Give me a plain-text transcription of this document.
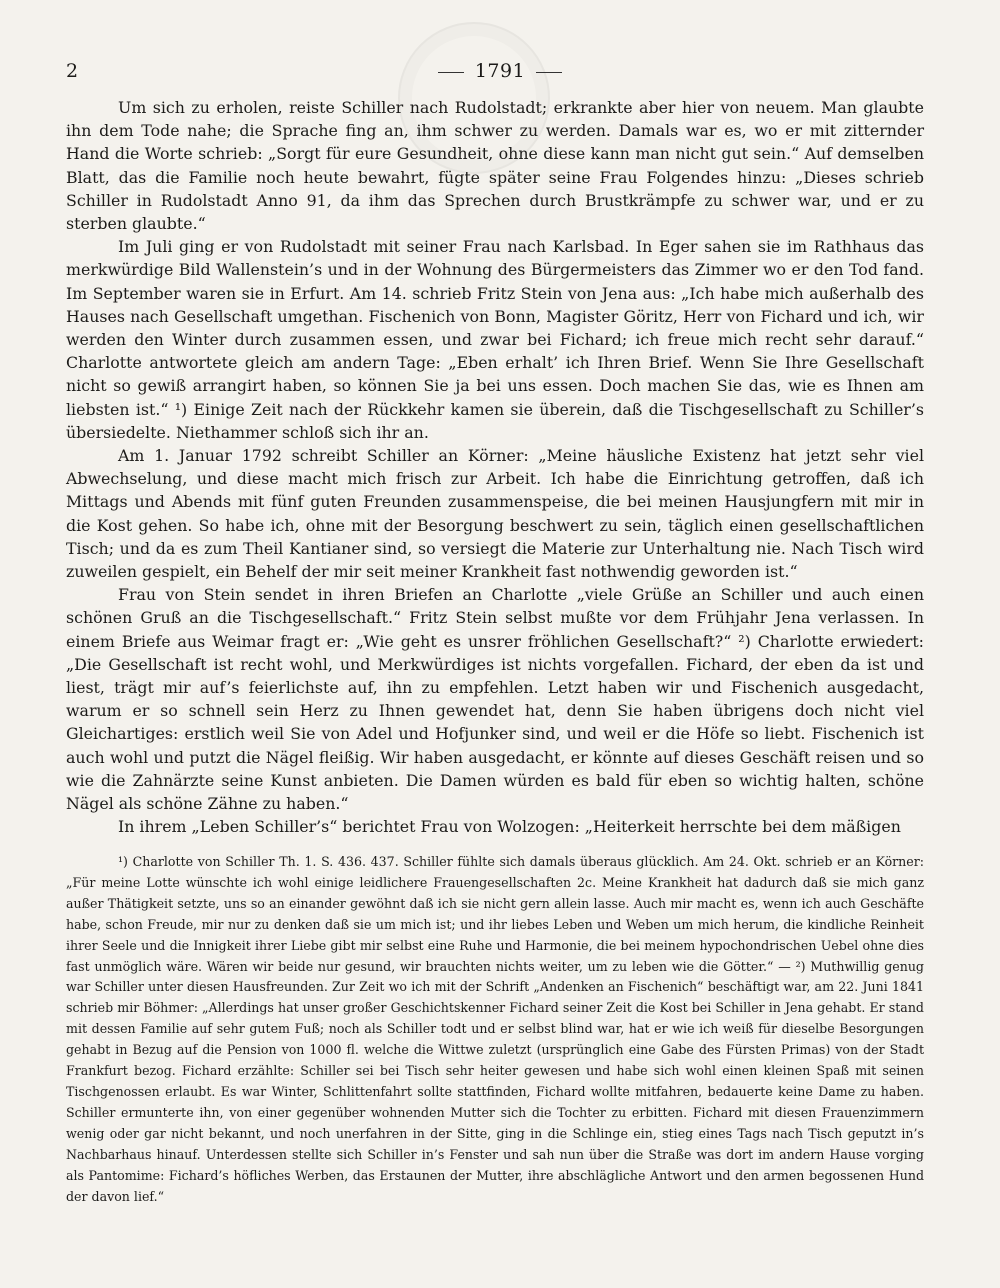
2	1791

Um sich zu erholen, reiste Schiller nach Rudolstadt; erkrankte aber hier von neuem. Man glaubte ihn dem Tode nahe; die Sprache fing an, ihm schwer zu werden. Damals war es, wo er mit zitternder Hand die Worte schrieb: „Sorgt für eure Gesundheit, ohne diese kann man nicht gut sein.“ Auf demselben Blatt, das die Familie noch heute bewahrt, fügte später seine Frau Folgendes hinzu: „Dieses schrieb Schiller in Rudolstadt Anno 91, da ihm das Sprechen durch Brustkrämpfe zu schwer war, und er zu sterben glaubte.“

Im Juli ging er von Rudolstadt mit seiner Frau nach Karlsbad. In Eger sahen sie im Rathhaus das merkwürdige Bild Wallenstein’s und in der Wohnung des Bürgermeisters das Zimmer wo er den Tod fand. Im September waren sie in Erfurt. Am 14. schrieb Fritz Stein von Jena aus: „Ich habe mich außerhalb des Hauses nach Gesellschaft umgethan. Fischenich von Bonn, Magister Göritz, Herr von Fichard und ich, wir werden den Winter durch zusammen essen, und zwar bei Fichard; ich freue mich recht sehr darauf.“ Charlotte antwortete gleich am andern Tage: „Eben erhalt’ ich Ihren Brief. Wenn Sie Ihre Gesellschaft nicht so gewiß arrangirt haben, so können Sie ja bei uns essen. Doch machen Sie das, wie es Ihnen am liebsten ist.“ ¹) Einige Zeit nach der Rückkehr kamen sie überein, daß die Tischgesellschaft zu Schiller’s übersiedelte. Niethammer schloß sich ihr an.

Am 1. Januar 1792 schreibt Schiller an Körner: „Meine häusliche Existenz hat jetzt sehr viel Abwechselung, und diese macht mich frisch zur Arbeit. Ich habe die Einrichtung getroffen, daß ich Mittags und Abends mit fünf guten Freunden zusammenspeise, die bei meinen Hausjungfern mit mir in die Kost gehen. So habe ich, ohne mit der Besorgung beschwert zu sein, täglich einen gesellschaftlichen Tisch; und da es zum Theil Kantianer sind, so versiegt die Materie zur Unterhaltung nie. Nach Tisch wird zuweilen gespielt, ein Behelf der mir seit meiner Krankheit fast nothwendig geworden ist.“

Frau von Stein sendet in ihren Briefen an Charlotte „viele Grüße an Schiller und auch einen schönen Gruß an die Tischgesellschaft.“ Fritz Stein selbst mußte vor dem Frühjahr Jena verlassen. In einem Briefe aus Weimar fragt er: „Wie geht es unsrer fröhlichen Gesellschaft?“ ²) Charlotte erwiedert: „Die Gesellschaft ist recht wohl, und Merkwürdiges ist nichts vorgefallen. Fichard, der eben da ist und liest, trägt mir auf’s feierlichste auf, ihn zu empfehlen. Letzt haben wir und Fischenich ausgedacht, warum er so schnell sein Herz zu Ihnen gewendet hat, denn Sie haben übrigens doch nicht viel Gleichartiges: erstlich weil Sie von Adel und Hofjunker sind, und weil er die Höfe so liebt. Fischenich ist auch wohl und putzt die Nägel fleißig. Wir haben ausgedacht, er könnte auf dieses Geschäft reisen und so wie die Zahnärzte seine Kunst anbieten. Die Damen würden es bald für eben so wichtig halten, schöne Nägel als schöne Zähne zu haben.“

In ihrem „Leben Schiller’s“ berichtet Frau von Wolzogen: „Heiterkeit herrschte bei dem mäßigen

¹) Charlotte von Schiller Th. 1. S. 436. 437. Schiller fühlte sich damals überaus glücklich. Am 24. Okt. schrieb er an Körner: „Für meine Lotte wünschte ich wohl einige leidlichere Frauengesellschaften 2c. Meine Krankheit hat dadurch daß sie mich ganz außer Thätigkeit setzte, uns so an einander gewöhnt daß ich sie nicht gern allein lasse. Auch mir macht es, wenn ich auch Geschäfte habe, schon Freude, mir nur zu denken daß sie um mich ist; und ihr liebes Leben und Weben um mich herum, die kindliche Reinheit ihrer Seele und die Innigkeit ihrer Liebe gibt mir selbst eine Ruhe und Harmonie, die bei meinem hypochondrischen Uebel ohne dies fast unmöglich wäre. Wären wir beide nur gesund, wir brauchten nichts weiter, um zu leben wie die Götter.“ — ²) Muthwillig genug war Schiller unter diesen Hausfreunden. Zur Zeit wo ich mit der Schrift „Andenken an Fischenich“ beschäftigt war, am 22. Juni 1841 schrieb mir Böhmer: „Allerdings hat unser großer Geschichtskenner Fichard seiner Zeit die Kost bei Schiller in Jena gehabt. Er stand mit dessen Familie auf sehr gutem Fuß; noch als Schiller todt und er selbst blind war, hat er wie ich weiß für dieselbe Besorgungen gehabt in Bezug auf die Pension von 1000 fl. welche die Wittwe zuletzt (ursprünglich eine Gabe des Fürsten Primas) von der Stadt Frankfurt bezog. Fichard erzählte: Schiller sei bei Tisch sehr heiter gewesen und habe sich wohl einen kleinen Spaß mit seinen Tischgenossen erlaubt. Es war Winter, Schlittenfahrt sollte stattfinden, Fichard wollte mitfahren, bedauerte keine Dame zu haben. Schiller ermunterte ihn, von einer gegenüber wohnenden Mutter sich die Tochter zu erbitten. Fichard mit diesen Frauenzimmern wenig oder gar nicht bekannt, und noch unerfahren in der Sitte, ging in die Schlinge ein, stieg eines Tags nach Tisch geputzt in’s Nachbarhaus hinauf. Unterdessen stellte sich Schiller in’s Fenster und sah nun über die Straße was dort im andern Hause vorging als Pantomime: Fichard’s höfliches Werben, das Erstaunen der Mutter, ihre abschlägliche Antwort und den armen begossenen Hund der davon lief.“
